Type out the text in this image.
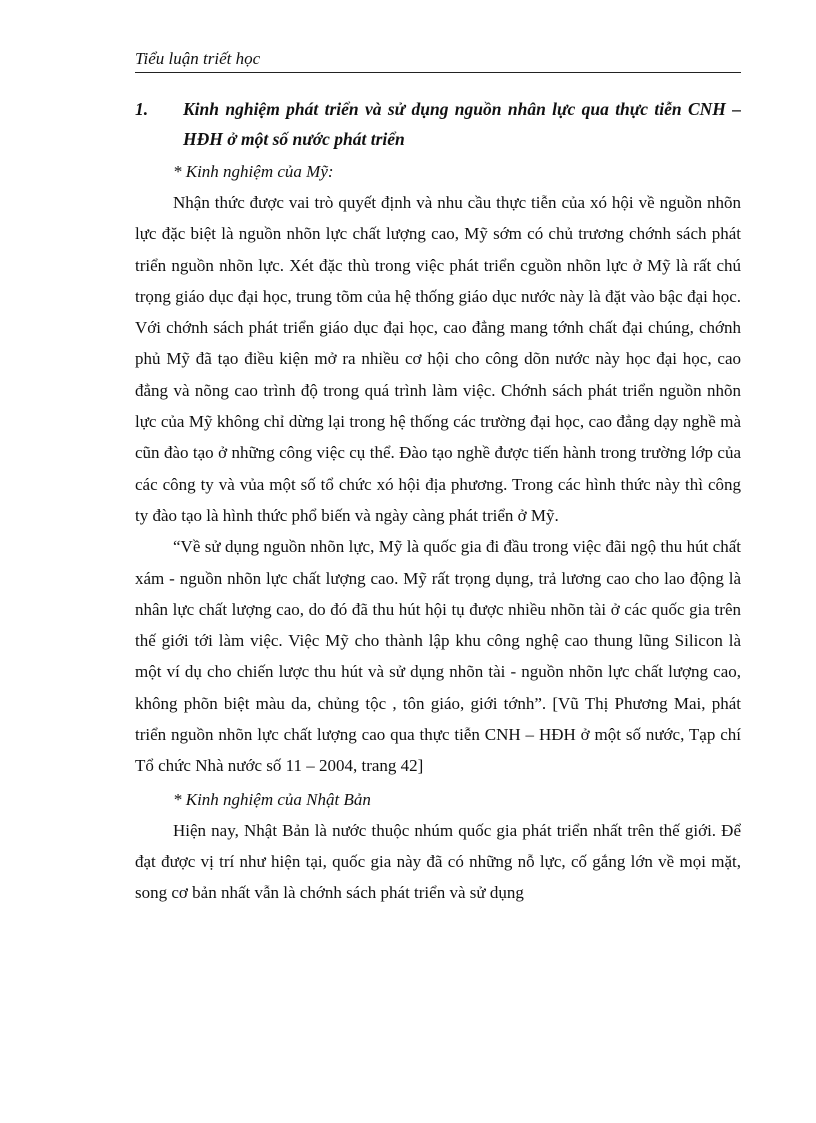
Tiểu luận triết học
1.	Kinh nghiệm phát triển và sử dụng nguồn nhân lực qua thực tiễn CNH – HĐH ở một số nước phát triển

* Kinh nghiệm của Mỹ:

Nhận thức được vai trò quyết định và nhu cầu thực tiễn của xó hội về nguồn nhõn lực đặc biệt là nguồn nhõn lực chất lượng cao, Mỹ sớm có chủ trương chớnh sách phát triển nguồn nhõn lực. Xét đặc thù trong việc phát triển cguồn nhõn lực ở Mỹ là rất chú trọng giáo dục đại học, trung tõm của hệ thống giáo dục nước này là đặt vào bậc đại học. Với chớnh sách phát triển giáo dục đại học, cao đẳng mang tớnh chất đại chúng, chớnh phủ Mỹ đã tạo điều kiện mở ra nhiều cơ hội cho công dõn nước này học đại học, cao đẳng và nõng cao trình độ trong quá trình làm việc. Chớnh sách phát triển nguồn nhõn lực của Mỹ không chỉ dừng lại trong hệ thống các trường đại học, cao đẳng dạy nghề mà cũn đào tạo ở những công việc cụ thể. Đào tạo nghề được tiến hành trong trường lớp của các công ty và vủa một số tổ chức xó hội địa phương. Trong các hình thức này thì công ty đào tạo là hình thức phổ biến và ngày càng phát triển ở Mỹ.

“Về sử dụng nguồn nhõn lực, Mỹ là quốc gia đi đầu trong việc đãi ngộ thu hút chất xám - nguồn nhõn lực chất lượng cao. Mỹ rất trọng dụng, trả lương cao cho lao động là nhân lực chất lượng cao, do đó đã thu hút hội tụ được nhiều nhõn tài ở các quốc gia trên thế giới tới làm việc. Việc Mỹ cho thành lập khu công nghệ cao thung lũng Silicon là một ví dụ cho chiến lược thu hút và sử dụng nhõn tài - nguồn nhõn lực chất lượng cao, không phõn biệt màu da, chủng tộc , tôn giáo, giới tớnh”. [Vũ Thị Phương Mai, phát triển nguồn nhõn lực chất lượng cao qua thực tiễn CNH – HĐH ở một số nước, Tạp chí Tổ chức Nhà nước số 11 – 2004, trang 42]

* Kinh nghiệm của Nhật Bản

Hiện nay, Nhật Bản là nước thuộc nhúm quốc gia phát triển nhất trên thế giới. Để đạt được vị trí như hiện tại, quốc gia này đã có những nỗ lực, cố gắng lớn về mọi mặt, song cơ bản nhất vẫn là chớnh sách phát triển và sử dụng
